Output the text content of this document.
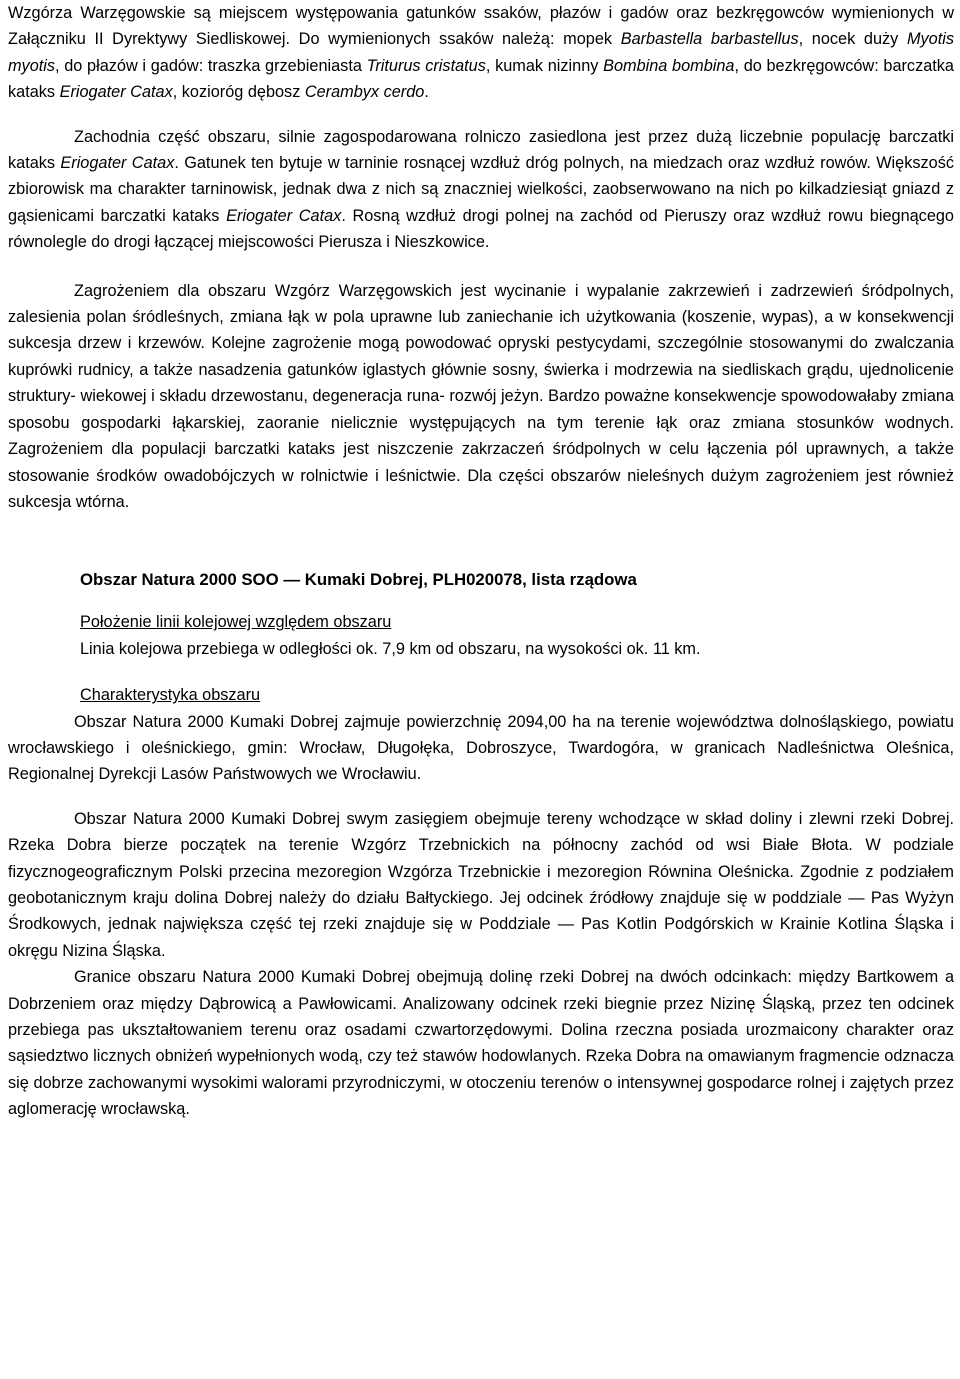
Wzgórza Warzęgowskie są miejscem występowania gatunków ssaków, płazów i gadów oraz bezkręgowców wymienionych w Załączniku II Dyrektywy Siedliskowej. Do wymienionych ssaków należą: mopek Barbastella barbastellus, nocek duży Myotis myotis, do płazów i gadów: traszka grzebieniasta Triturus cristatus, kumak nizinny Bombina bombina, do bezkręgowców: barczatka kataks Eriogater Catax, kozioróg dębosz Cerambyx cerdo.

Zachodnia część obszaru, silnie zagospodarowana rolniczo zasiedlona jest przez dużą liczebnie populację barczatki kataks Eriogater Catax. Gatunek ten bytuje w tarninie rosnącej wzdłuż dróg polnych, na miedzach oraz wzdłuż rowów. Większość zbiorowisk ma charakter tarninowisk, jednak dwa z nich są znaczniej wielkości, zaobserwowano na nich po kilkadziesiąt gniazd z gąsienicami barczatki kataks Eriogater Catax. Rosną wzdłuż drogi polnej na zachód od Pieruszy oraz wzdłuż rowu biegnącego równolegle do drogi łączącej miejscowości Pierusza i Nieszkowice.

Zagrożeniem dla obszaru Wzgórz Warzęgowskich jest wycinanie i wypalanie zakrzewień i zadrzewień śródpolnych, zalesienia polan śródleśnych, zmiana łąk w pola uprawne lub zaniechanie ich użytkowania (koszenie, wypas), a w konsekwencji sukcesja drzew i krzewów. Kolejne zagrożenie mogą powodować opryski pestycydami, szczególnie stosowanymi do zwalczania kuprówki rudnicy, a także nasadzenia gatunków iglastych głównie sosny, świerka i modrzewia na siedliskach grądu, ujednolicenie struktury- wiekowej i składu drzewostanu, degeneracja runa- rozwój jeżyn. Bardzo poważne konsekwencje spowodowałaby zmiana sposobu gospodarki łąkarskiej, zaoranie nielicznie występujących na tym terenie łąk oraz zmiana stosunków wodnych. Zagrożeniem dla populacji barczatki kataks jest niszczenie zakrzaczeń śródpolnych w celu łączenia pól uprawnych, a także stosowanie środków owadobójczych w rolnictwie i leśnictwie. Dla części obszarów nieleśnych dużym zagrożeniem jest również sukcesja wtórna.

Obszar Natura 2000 SOO — Kumaki Dobrej, PLH020078, lista rządowa

Położenie linii kolejowej względem obszaru

Linia kolejowa przebiega w odległości ok. 7,9 km od obszaru, na wysokości ok. 11 km.

Charakterystyka obszaru

Obszar Natura 2000 Kumaki Dobrej zajmuje powierzchnię 2094,00 ha na terenie województwa dolnośląskiego, powiatu wrocławskiego i oleśnickiego, gmin: Wrocław, Długołęka, Dobroszyce, Twardogóra, w granicach Nadleśnictwa Oleśnica, Regionalnej Dyrekcji Lasów Państwowych we Wrocławiu.

Obszar Natura 2000 Kumaki Dobrej swym zasięgiem obejmuje tereny wchodzące w skład doliny i zlewni rzeki Dobrej. Rzeka Dobra bierze początek na terenie Wzgórz Trzebnickich na północny zachód od wsi Białe Błota. W podziale fizycznogeograficznym Polski przecina mezoregion Wzgórza Trzebnickie i mezoregion Równina Oleśnicka. Zgodnie z podziałem geobotanicznym kraju dolina Dobrej należy do działu Bałtyckiego. Jej odcinek źródłowy znajduje się w poddziale — Pas Wyżyn Środkowych, jednak największa część tej rzeki znajduje się w Poddziale — Pas Kotlin Podgórskich w Krainie Kotlina Śląska i okręgu Nizina Śląska.

Granice obszaru Natura 2000 Kumaki Dobrej obejmują dolinę rzeki Dobrej na dwóch odcinkach: między Bartkowem a Dobrzeniem oraz między Dąbrowicą a Pawłowicami. Analizowany odcinek rzeki biegnie przez Nizinę Śląską, przez ten odcinek przebiega pas ukształtowaniem terenu oraz osadami czwartorzędowymi. Dolina rzeczna posiada urozmaicony charakter oraz sąsiedztwo licznych obniżeń wypełnionych wodą, czy też stawów hodowlanych. Rzeka Dobra na omawianym fragmencie odznacza się dobrze zachowanymi wysokimi walorami przyrodniczymi, w otoczeniu terenów o intensywnej gospodarce rolnej i zajętych przez aglomerację wrocławską.
